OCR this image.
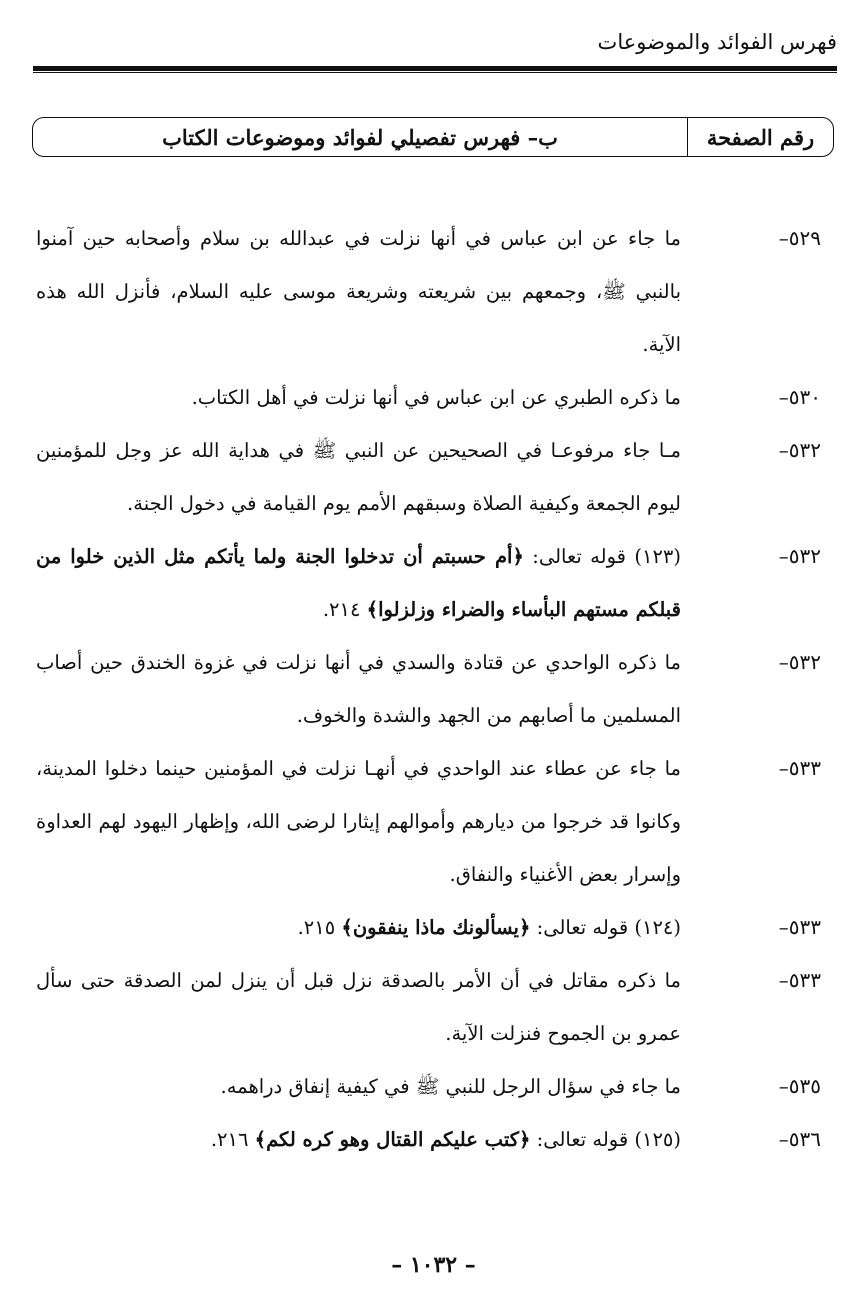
فهرس الفوائد والموضوعات
رقم الصفحة
ب– فهرس تفصيلي لفوائد وموضوعات الكتاب
٥٢٩–
ما جاء عن ابن عباس في أنها نزلت في عبدالله بن سلام وأصحابه حين آمنوا بالنبي ﷺ، وجمعهم بين شريعته وشريعة موسى عليه السلام، فأنزل الله هذه الآية.
٥٣٠–
ما ذكره الطبري عن ابن عباس في أنها نزلت في أهل الكتاب.
٥٣٢–
مـا جاء مرفوعـا في الصحيحين عن النبي ﷺ في هداية الله عز وجل للمؤمنين ليوم الجمعة وكيفية الصلاة وسبقهم الأمم يوم القيامة في دخول الجنة.
٥٣٢–
(١٢٣) قوله تعالى: ﴿أم حسبتم أن تدخلوا الجنة ولما يأتكم مثل الذين خلوا من قبلكم مستهم البأساء والضراء وزلزلوا﴾ ٢١٤.
٥٣٢–
ما ذكره الواحدي عن قتادة والسدي في أنها نزلت في غزوة الخندق حين أصاب المسلمين ما أصابهم من الجهد والشدة والخوف.
٥٣٣–
ما جاء عن عطاء عند الواحدي في أنهـا نزلت في المؤمنين حينما دخلوا المدينة، وكانوا قد خرجوا من ديارهم وأموالهم إيثارا لرضى الله، وإظهار اليهود لهم العداوة وإسرار بعض الأغنياء والنفاق.
٥٣٣–
(١٢٤) قوله تعالى: ﴿يسألونك ماذا ينفقون﴾ ٢١٥.
٥٣٣–
ما ذكره مقاتل في أن الأمر بالصدقة نزل قبل أن ينزل لمن الصدقة حتى سأل عمرو بن الجموح فنزلت الآية.
٥٣٥–
ما جاء في سؤال الرجل للنبي ﷺ في كيفية إنفاق دراهمه.
٥٣٦–
(١٢٥) قوله تعالى: ﴿كتب عليكم القتال وهو كره لكم﴾ ٢١٦.
– ١٠٣٢ –
